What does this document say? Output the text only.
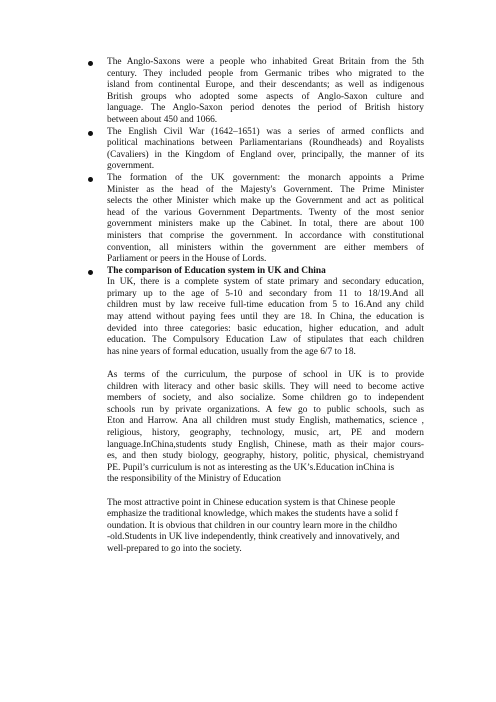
The Anglo-Saxons were a people who inhabited Great Britain from the 5th
century. They included people from Germanic tribes who migrated to the
island from continental Europe, and their descendants; as well as indigenous
British groups who adopted some aspects of Anglo-Saxon culture and
language. The Anglo-Saxon period denotes the period of British history
between about 450 and 1066.

The English Civil War (1642–1651) was a series of armed conflicts and
political machinations between Parliamentarians (Roundheads) and Royalists
(Cavaliers) in the Kingdom of England over, principally, the manner of its
government.

The formation of the UK government: the monarch appoints a Prime
Minister as the head of the Majesty's Government. The Prime Minister
selects the other Minister which make up the Government and act as political
head of the various Government Departments. Twenty of the most senior
government ministers make up the Cabinet. In total, there are about 100
ministers that comprise the government. In accordance with constitutional
convention, all ministers within the government are either members of
Parliament or peers in the House of Lords.

The comparison of Education system in UK and China

In UK, there is a complete system of state primary and secondary education,
primary up to the age of 5-10 and secondary from 11 to 18/19.And all
children must by law receive full-time education from 5 to 16.And any child
may attend without paying fees until they are 18. In China, the education is
devided into three categories: basic education, higher education, and adult
education. The Compulsory Education Law of stipulates that each children
has nine years of formal education, usually from the age 6/7 to 18.

As terms of the curriculum, the purpose of school in UK is to provide
children with literacy and other basic skills. They will need to become active
members of society, and also socialize. Some children go to independent
schools run by private organizations. A few go to public schools, such as
Eton and Harrow. Ana all children must study English, mathematics, science ,
religious, history, geography, technology, music, art, PE and modern
language.InChina,students study English, Chinese, math as their major cours-
es, and then study biology, geography, history, politic, physical, chemistryand
PE. Pupil’s curriculum is not as interesting as the UK’s.Education inChina is
the responsibility of the Ministry of Education

The most attractive point in Chinese education system is that Chinese people
emphasize the traditional knowledge, which makes the students have a solid f
oundation. It is obvious that children in our country learn more in the childho
-old.Students in UK live independently, think creatively and innovatively, and
well-prepared to go into the society.
